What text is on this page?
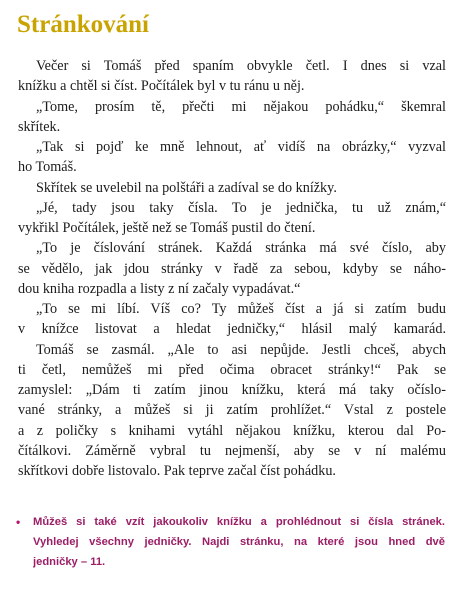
Stránkování
Večer si Tomáš před spaním obvykle četl. I dnes si vzal
knížku a chtěl si číst. Počítálek byl v tu ránu u něj.
„Tome, prosím tě, přečti mi nějakou pohádku,“ škemral
skřítek.
„Tak si pojď ke mně lehnout, ať vidíš na obrázky,“ vyzval
ho Tomáš.
Skřítek se uvelebil na polštáři a zadíval se do knížky.
„Jé, tady jsou taky čísla. To je jednička, tu už znám,“
vykřikl Počítálek, ještě než se Tomáš pustil do čtení.
„To je číslování stránek. Každá stránka má své číslo, aby
se vědělo, jak jdou stránky v řadě za sebou, kdyby se náho-
dou kniha rozpadla a listy z ní začaly vypadávat.“
„To se mi líbí. Víš co? Ty můžeš číst a já si zatím budu
v knížce listovat a hledat jedničky,“ hlásil malý kamarád.
Tomáš se zasmál. „Ale to asi nepůjde. Jestli chceš, abych
ti četl, nemůžeš mi před očima obracet stránky!“ Pak se
zamyslel: „Dám ti zatím jinou knížku, která má taky očíslo-
vané stránky, a můžeš si ji zatím prohlížet.“ Vstal z postele
a z poličky s knihami vytáhl nějakou knížku, kterou dal Po-
čítálkovi. Záměrně vybral tu nejmenší, aby se v ní malému
skřítkovi dobře listovalo. Pak teprve začal číst pohádku.
•	Můžeš si také vzít jakoukoliv knížku a prohlédnout si čísla stránek.
Vyhledej všechny jedničky. Najdi stránku, na které jsou hned dvě
jedničky – 11.
